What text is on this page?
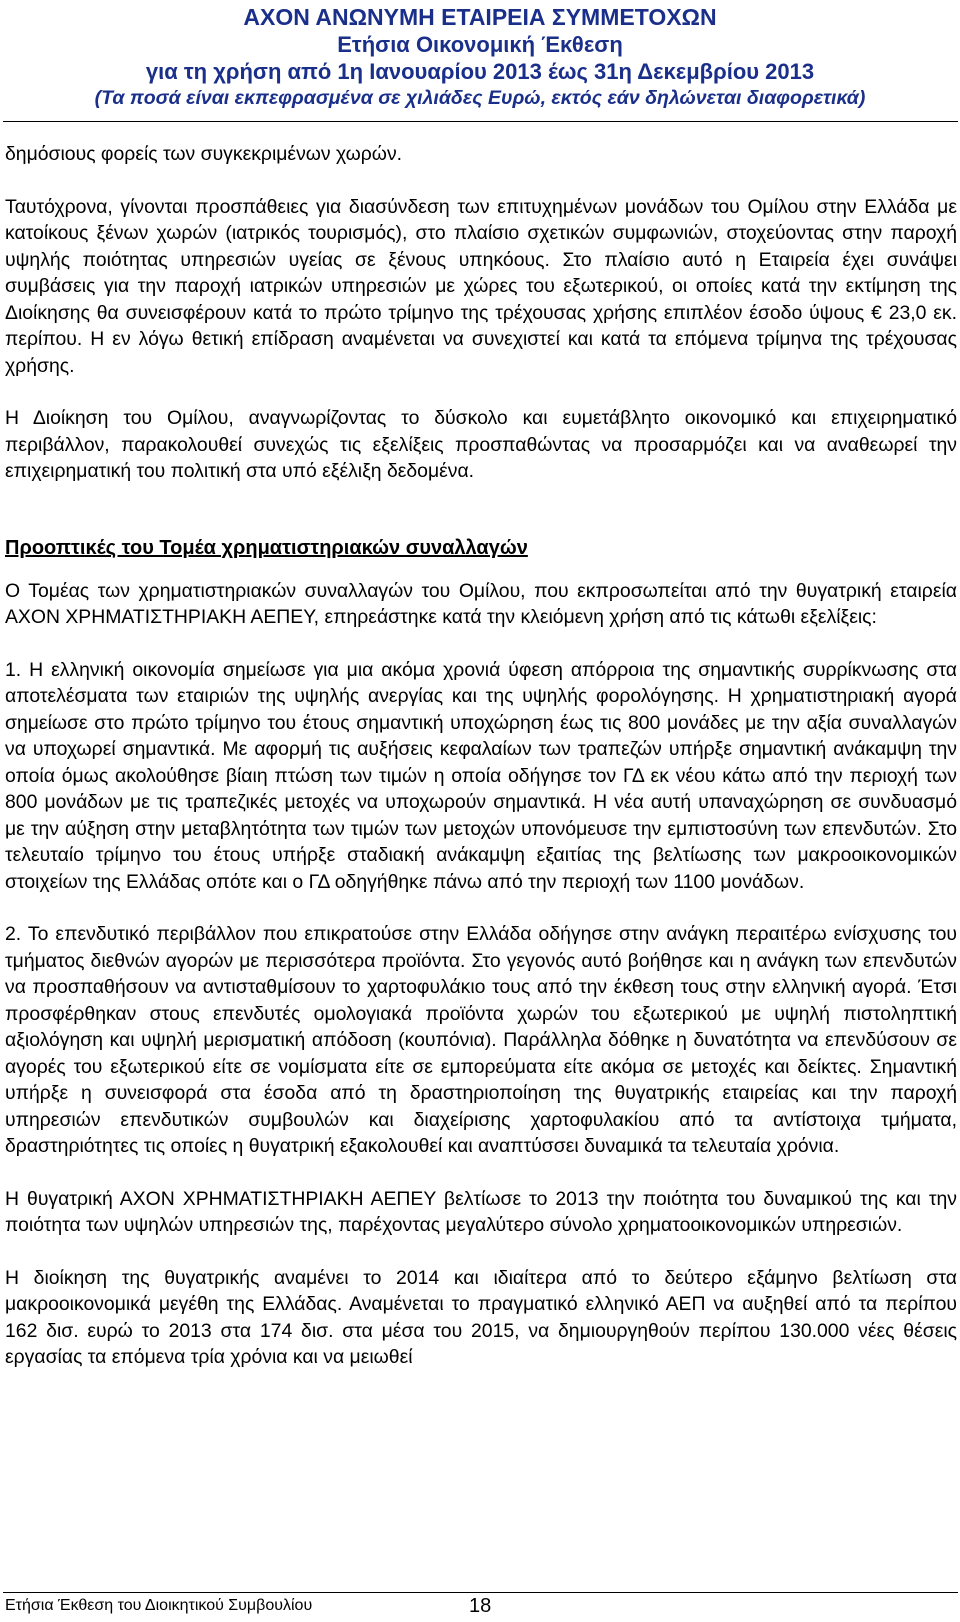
ΑΧΟΝ ΑΝΩΝΥΜΗ ΕΤΑΙΡΕΙΑ ΣΥΜΜΕΤΟΧΩΝ
Ετήσια Οικονομική Έκθεση
για τη χρήση από 1η Ιανουαρίου 2013 έως 31η Δεκεμβρίου 2013
(Τα ποσά είναι εκπεφρασμένα σε χιλιάδες Ευρώ, εκτός εάν δηλώνεται διαφορετικά)

δημόσιους φορείς των συγκεκριμένων χωρών.

Ταυτόχρονα, γίνονται προσπάθειες για διασύνδεση των επιτυχημένων μονάδων του Ομίλου στην Ελλάδα με κατοίκους ξένων χωρών (ιατρικός τουρισμός), στο πλαίσιο σχετικών συμφωνιών, στοχεύοντας στην παροχή υψηλής ποιότητας υπηρεσιών υγείας σε ξένους υπηκόους. Στο πλαίσιο αυτό η Εταιρεία έχει συνάψει συμβάσεις για την παροχή ιατρικών υπηρεσιών με χώρες του εξωτερικού, οι οποίες κατά την εκτίμηση της Διοίκησης θα συνεισφέρουν κατά το πρώτο τρίμηνο της τρέχουσας χρήσης επιπλέον έσοδο ύψους € 23,0 εκ. περίπου. Η εν λόγω θετική επίδραση αναμένεται να συνεχιστεί και κατά τα επόμενα τρίμηνα της τρέχουσας χρήσης.

Η Διοίκηση του Ομίλου, αναγνωρίζοντας το δύσκολο και ευμετάβλητο οικονομικό και επιχειρηματικό περιβάλλον, παρακολουθεί συνεχώς τις εξελίξεις προσπαθώντας να προσαρμόζει και να αναθεωρεί την επιχειρηματική του πολιτική στα υπό εξέλιξη δεδομένα.

Προοπτικές του Τομέα χρηματιστηριακών συναλλαγών

Ο Τομέας των χρηματιστηριακών συναλλαγών του Ομίλου, που εκπροσωπείται από την θυγατρική εταιρεία ΑΧΟΝ ΧΡΗΜΑΤΙΣΤΗΡΙΑΚΗ ΑΕΠΕΥ, επηρεάστηκε κατά την κλειόμενη χρήση από τις κάτωθι εξελίξεις:

1. Η ελληνική οικονομία σημείωσε για μια ακόμα χρονιά ύφεση απόρροια της σημαντικής συρρίκνωσης στα αποτελέσματα των εταιριών της υψηλής ανεργίας και της υψηλής φορολόγησης. Η χρηματιστηριακή αγορά σημείωσε στο πρώτο τρίμηνο του έτους σημαντική υποχώρηση έως τις 800 μονάδες με την αξία συναλλαγών να υποχωρεί σημαντικά. Με αφορμή τις αυξήσεις κεφαλαίων των τραπεζών υπήρξε σημαντική ανάκαμψη την οποία όμως ακολούθησε βίαιη πτώση των τιμών η οποία οδήγησε τον ΓΔ εκ νέου κάτω από την περιοχή των 800 μονάδων με τις τραπεζικές μετοχές να υποχωρούν σημαντικά. Η νέα αυτή υπαναχώρηση σε συνδυασμό με την αύξηση στην μεταβλητότητα των τιμών των μετοχών υπονόμευσε την εμπιστοσύνη των επενδυτών. Στο τελευταίο τρίμηνο του έτους υπήρξε σταδιακή ανάκαμψη εξαιτίας της βελτίωσης των μακροοικονομικών στοιχείων της Ελλάδας οπότε και ο ΓΔ οδηγήθηκε πάνω από την περιοχή των 1100 μονάδων.

2. Το επενδυτικό περιβάλλον που επικρατούσε στην Ελλάδα οδήγησε στην ανάγκη περαιτέρω ενίσχυσης του τμήματος διεθνών αγορών με περισσότερα προϊόντα. Στο γεγονός αυτό βοήθησε και η ανάγκη των επενδυτών να προσπαθήσουν να αντισταθμίσουν το χαρτοφυλάκιο τους από την έκθεση τους στην ελληνική αγορά. Έτσι προσφέρθηκαν στους επενδυτές ομολογιακά προϊόντα χωρών του εξωτερικού με υψηλή πιστοληπτική αξιολόγηση και υψηλή μερισματική απόδοση (κουπόνια). Παράλληλα δόθηκε η δυνατότητα να επενδύσουν σε αγορές του εξωτερικού είτε σε νομίσματα είτε σε εμπορεύματα είτε ακόμα σε μετοχές και δείκτες. Σημαντική υπήρξε η συνεισφορά στα έσοδα από τη δραστηριοποίηση της θυγατρικής εταιρείας και την παροχή υπηρεσιών επενδυτικών συμβουλών και διαχείρισης χαρτοφυλακίου από τα αντίστοιχα τμήματα, δραστηριότητες τις οποίες η θυγατρική εξακολουθεί και αναπτύσσει δυναμικά τα τελευταία χρόνια.

Η θυγατρική ΑΧΟΝ ΧΡΗΜΑΤΙΣΤΗΡΙΑΚΗ ΑΕΠΕΥ βελτίωσε το 2013 την ποιότητα του δυναμικού της και την ποιότητα των υψηλών υπηρεσιών της, παρέχοντας μεγαλύτερο σύνολο χρηματοοικονομικών υπηρεσιών.

Η διοίκηση της θυγατρικής αναμένει το 2014 και ιδιαίτερα από το δεύτερο εξάμηνο βελτίωση στα μακροοικονομικά μεγέθη της Ελλάδας. Αναμένεται το πραγματικό ελληνικό ΑΕΠ να αυξηθεί από τα περίπου 162 δισ. ευρώ το 2013 στα 174 δισ. στα μέσα του 2015, να δημιουργηθούν περίπου 130.000 νέες θέσεις εργασίας τα επόμενα τρία χρόνια και να μειωθεί

Ετήσια Έκθεση του Διοικητικού Συμβουλίου	18
